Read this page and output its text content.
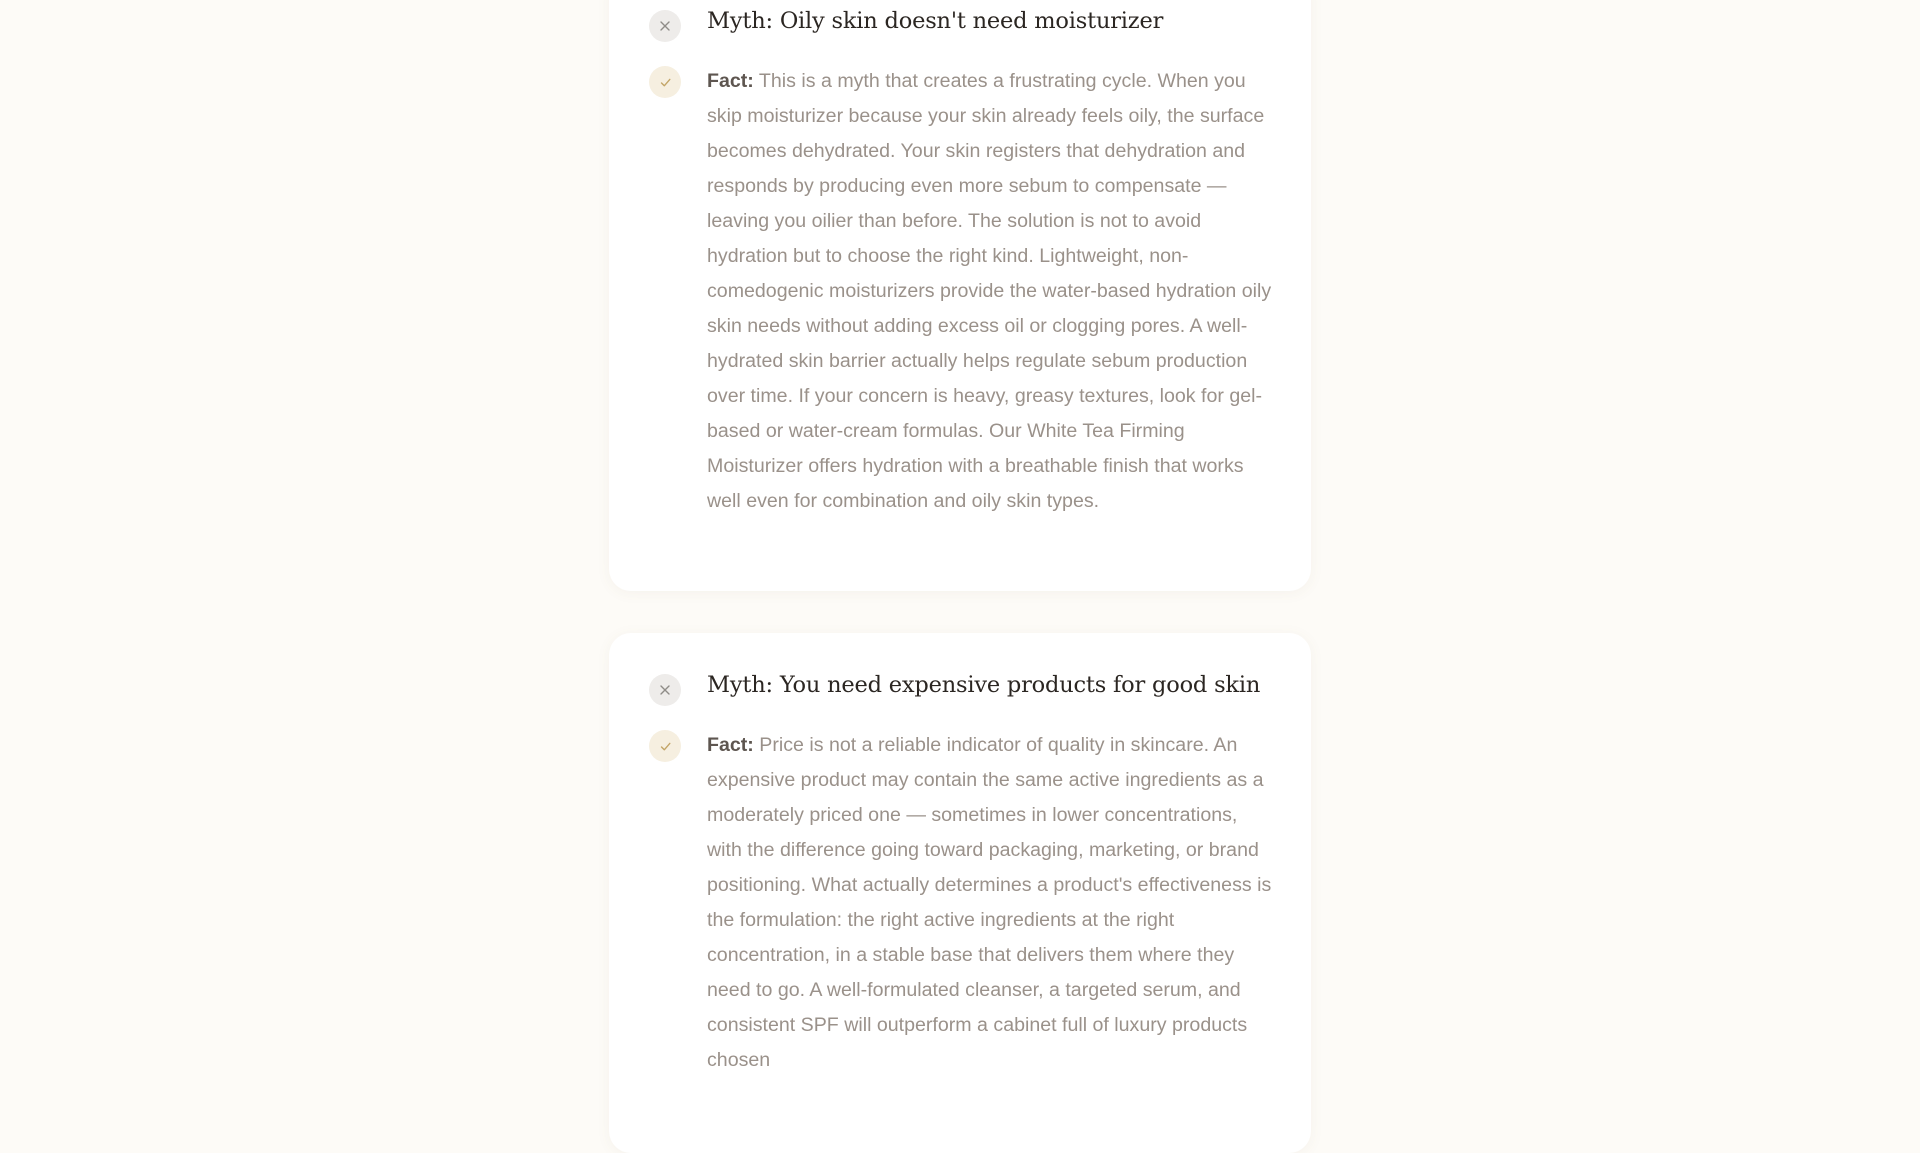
Myth: Oily skin doesn't need moisturizer

Fact: This is a myth that creates a frustrating cycle. When you skip moisturizer because your skin already feels oily, the surface becomes dehydrated. Your skin registers that dehydration and responds by producing even more sebum to compensate — leaving you oilier than before. The solution is not to avoid hydration but to choose the right kind. Lightweight, non-comedogenic moisturizers provide the water-based hydration oily skin needs without adding excess oil or clogging pores. A well-hydrated skin barrier actually helps regulate sebum production over time. If your concern is heavy, greasy textures, look for gel-based or water-cream formulas. Our White Tea Firming Moisturizer offers hydration with a breathable finish that works well even for combination and oily skin types.

Myth: You need expensive products for good skin

Fact: Price is not a reliable indicator of quality in skincare. An expensive product may contain the same active ingredients as a moderately priced one — sometimes in lower concentrations, with the difference going toward packaging, marketing, or brand positioning. What actually determines a product's effectiveness is the formulation: the right active ingredients at the right concentration, in a stable base that delivers them where they need to go. A well-formulated cleanser, a targeted serum, and consistent SPF will outperform a cabinet full of luxury products chosen
